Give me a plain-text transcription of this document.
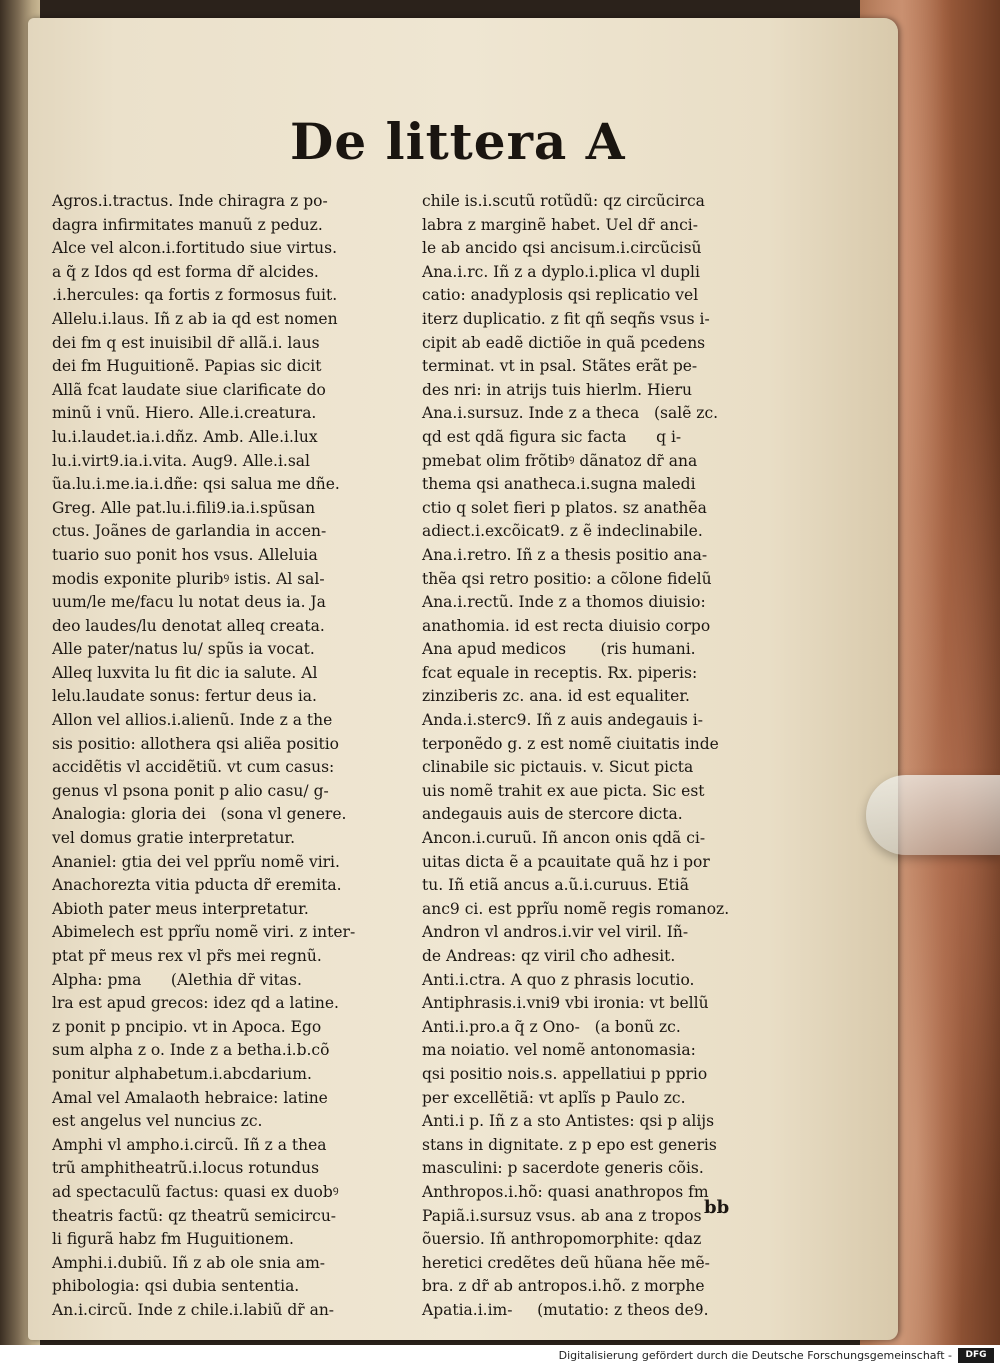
De littera A
Agros.i.tractus. Inde chiragra z po-
dagra infirmitates manuũ z peduz.
Alce vel alcon.i.fortitudo siue virtus.
a q̃ z Idos qd est forma dr̃ alcides.
.i.hercules: qa fortis z formosus fuit.
Allelu.i.laus. Iñ z ab ia qd est nomen
dei fm q est inuisibil dr̃ allã.i. laus
dei fm Huguitionẽ. Papias sic dicit
Allã fcat laudate siue clarificate do
minũ i vnũ. Hiero. Alle.i.creatura.
lu.i.laudet.ia.i.dñz. Amb. Alle.i.lux
lu.i.virt9.ia.i.vita. Aug9. Alle.i.sal
ũa.lu.i.me.ia.i.dñe: qsi salua me dñe.
Greg. Alle pat.lu.i.fili9.ia.i.spũsan
ctus. Joãnes de garlandia in accen-
tuario suo ponit hos vsus. Alleluia
modis exponite pluribꝰ istis. Al sal-
uum/le me/facu lu notat deus ia. Ja
deo laudes/lu denotat alleq creata.
Alle pater/natus lu/ spũs ia vocat.
Alleq luxvita lu fit dic ia salute. Al
lelu.laudate sonus: fertur deus ia.
Allon vel allios.i.alienũ. Inde z a the
sis positio: allothera qsi aliẽa positio
accidẽtis vl accidẽtiũ. vt cum casus:
genus vl psona ponit p alio casu/ g-
Analogia: gloria dei   (sona vl genere.
vel domus gratie interpretatur.
Ananiel: gtia dei vel pprĩu nomẽ viri.
Anachorezta vitia pducta dr̃ eremita.
Abioth pater meus interpretatur.
Abimelech est pprĩu nomẽ viri. z inter-
ptat pr̃ meus rex vl pr̃s mei regnũ.
Alpha: pma      (Alethia dr̃ vitas.
lra est apud grecos: idez qd a latine.
z ponit p pncipio. vt in Apoca. Ego
sum alpha z o. Inde z a betha.i.b.cõ
ponitur alphabetum.i.abcdarium.
Amal vel Amalaoth hebraice: latine
est angelus vel nuncius zc.
Amphi vl ampho.i.circũ. Iñ z a thea
trũ amphitheatrũ.i.locus rotundus
ad spectaculũ factus: quasi ex duobꝰ
theatris factũ: qz theatrũ semicircu-
li figurã habz fm Huguitionem.
Amphi.i.dubiũ. Iñ z ab ole snia am-
phibologia: qsi dubia sententia.
An.i.circũ. Inde z chile.i.labiũ dr̃ an-
chile is.i.scutũ rotũdũ: qz circũcirca
labra z marginẽ habet. Uel dr̃ anci-
le ab ancido qsi ancisum.i.circũcisũ
Ana.i.rc. Iñ z a dyplo.i.plica vl dupli
catio: anadyplosis qsi replicatio vel
iterz duplicatio. z fit qñ seqñs vsus i-
cipit ab eadẽ dictiõe in quã pcedens
terminat. vt in psal. Stãtes erãt pe-
des nri: in atrijs tuis hierlm. Hieru
Ana.i.sursuz. Inde z a theca   (salẽ zc.
qd est qdã figura sic facta      q i-
pmebat olim frõtibꝰ dãnatoz dr̃ ana
thema qsi anatheca.i.sugna maledi
ctio q solet fieri p platos. sz anathẽa
adiect.i.excõicat9. z ẽ indeclinabile.
Ana.i.retro. Iñ z a thesis positio ana-
thẽa qsi retro positio: a cõlone fidelũ
Ana.i.rectũ. Inde z a thomos diuisio:
anathomia. id est recta diuisio corpo
Ana apud medicos       (ris humani.
fcat equale in receptis. Rx. piperis:
zinziberis zc. ana. id est equaliter.
Anda.i.sterc9. Iñ z auis andegauis i-
terponẽdo g. z est nomẽ ciuitatis inde
clinabile sic pictauis. v. Sicut picta
uis nomẽ trahit ex aue picta. Sic est
andegauis auis de stercore dicta.
Ancon.i.curuũ. Iñ ancon onis qdã ci-
uitas dicta ẽ a pcauitate quã hz i por
tu. Iñ etiã ancus a.ũ.i.curuus. Etiã
anc9 ci. est pprĩu nomẽ regis romanoz.
Andron vl andros.i.vir vel viril. Iñ-
de Andreas: qz viril cħo adhesit.
Anti.i.ctra. A quo z phrasis locutio.
Antiphrasis.i.vni9 vbi ironia: vt bellũ
Anti.i.pro.a q̃ z Ono-   (a bonũ zc.
ma noiatio. vel nomẽ antonomasia:
qsi positio nois.s. appellatiui p pprio
per excellẽtiã: vt aplĩs p Paulo zc.
Anti.i p. Iñ z a sto Antistes: qsi p alijs
stans in dignitate. z p epo est generis
masculini: p sacerdote generis cõis.
Anthropos.i.hõ: quasi anathropos fm
Papiã.i.sursuz vsus. ab ana z tropos
õuersio. Iñ anthropomorphite: qdaz
heretici credẽtes deũ hũana hẽe mẽ-
bra. z dr̃ ab antropos.i.hõ. z morphe
Apatia.i.im-     (mutatio: z theos de9.
bb
Digitalisierung gefördert durch die Deutsche Forschungsgemeinschaft -	DFG
